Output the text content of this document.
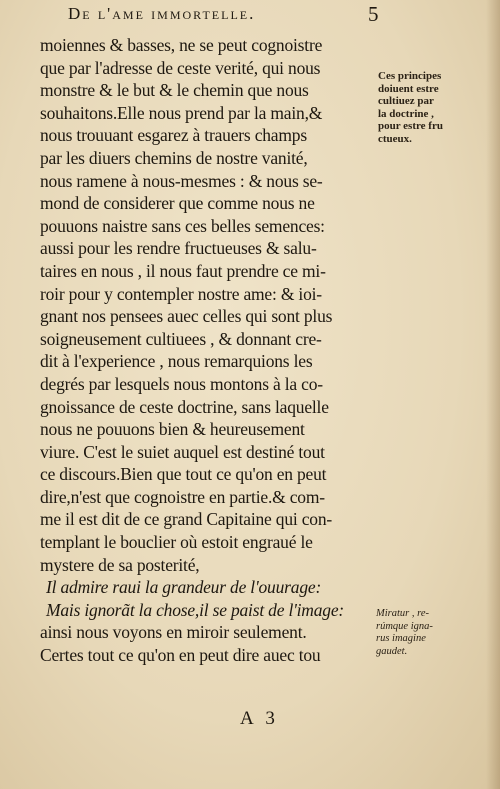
De l'ame immortelle.	5
moiennes & basses, ne se peut cognoistre
que par l'adresse de ceste verité, qui nous
monstre & le but & le chemin que nous
souhaitons.Elle nous prend par la main,&
nous trouuant esgarez à trauers champs
par les diuers chemins de nostre vanité,
nous ramene à nous-mesmes : & nous se-
mond de considerer que comme nous ne
pouuons naistre sans ces belles semences:
aussi pour les rendre fructueuses & salu-
taires en nous , il nous faut prendre ce mi-
roir pour y contempler nostre ame: & ioi-
gnant nos pensees auec celles qui sont plus
soigneusement cultiuees , & donnant cre-
dit à l'experience , nous remarquions les
degrés par lesquels nous montons à la co-
gnoissance de ceste doctrine, sans laquelle
nous ne pouuons bien & heureusement
viure. C'est le suiet auquel est destiné tout
ce discours.Bien que tout ce qu'on en peut
dire,n'est que cognoistre en partie.& com-
me il est dit de ce grand Capitaine qui con-
templant le bouclier où estoit engraué le
mystere de sa posterité,
Il admire raui la grandeur de l'ouurage:
Mais ignorãt la chose,il se paist de l'image:
ainsi nous voyons en miroir seulement.
Certes tout ce qu'on en peut dire auec tou
Ces principes
doiuent estre
cultiuez par
la doctrine ,
pour estre fru
ctueux.
Miratur , re-
rúmque igna-
rus imagine
gaudet.
A 3
